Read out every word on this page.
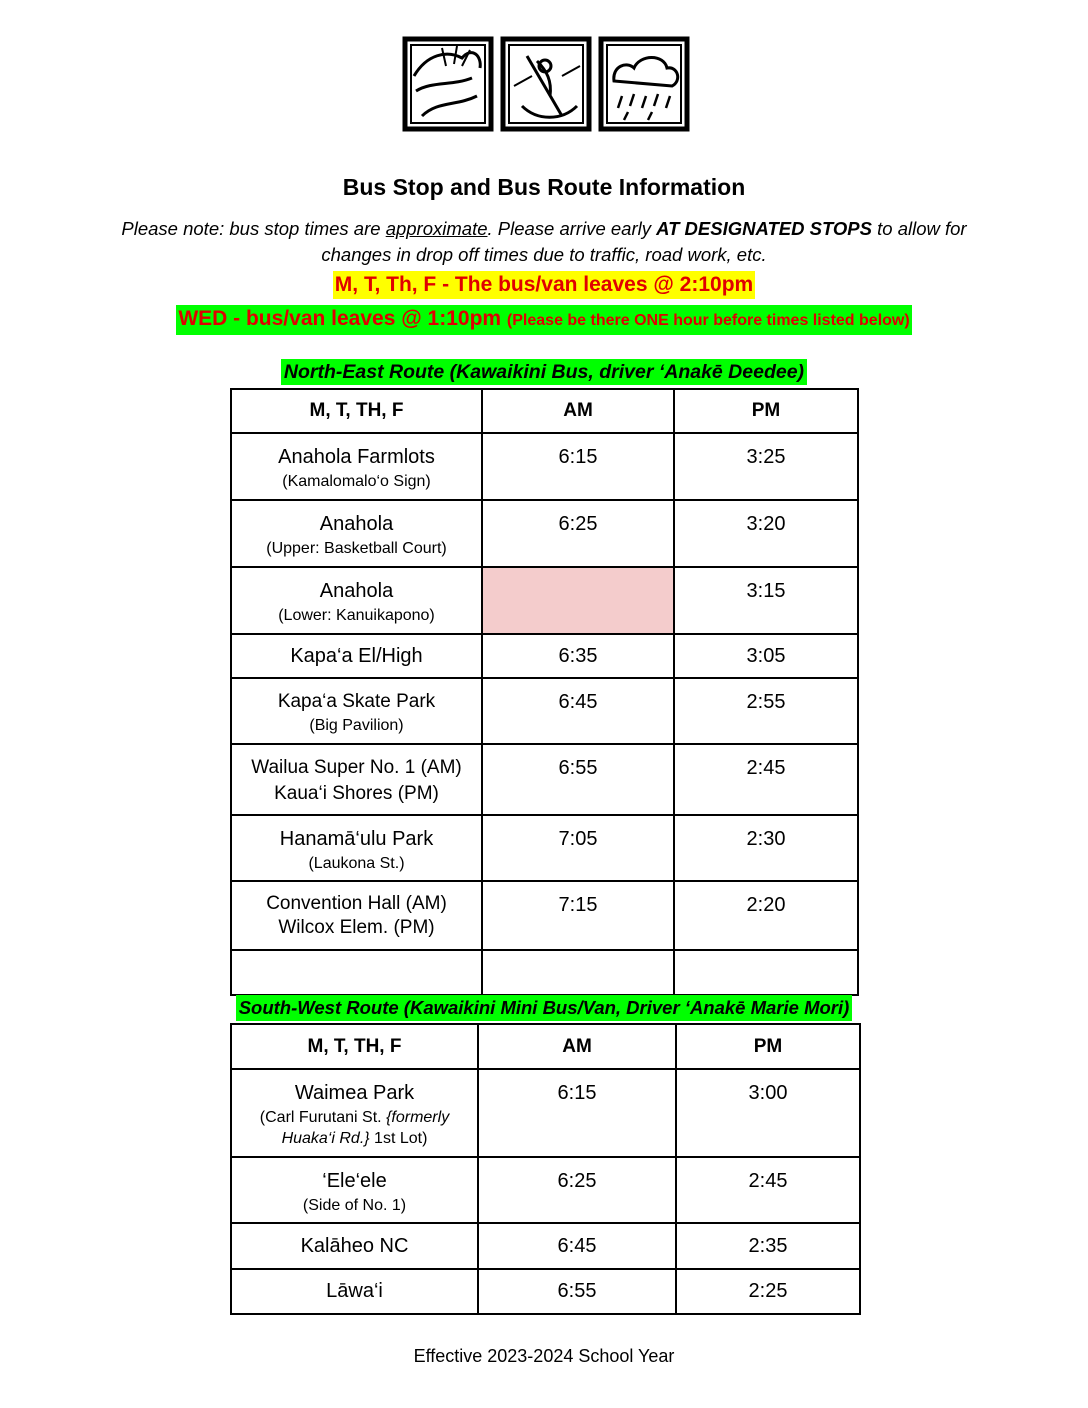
Bus Stop and Bus Route Information
Please note: bus stop times are approximate. Please arrive early AT DESIGNATED STOPS to allow for changes in drop off times due to traffic, road work, etc.
M, T, Th, F - The bus/van leaves @ 2:10pm
WED - bus/van leaves @ 1:10pm (Please be there ONE hour before times listed below)
North-East Route (Kawaikini Bus, driver ‘Anakē Deedee)
M, T, TH, F	AM	PM

Anahola Farmlots
(Kamalomalo‘o Sign)	6:15	3:25

Anahola
(Upper: Basketball Court)	6:25	3:20

Anahola
(Lower: Kanuikapono)		3:15

Kapa‘a El/High	6:35	3:05

Kapa‘a Skate Park
(Big Pavilion)	6:45	2:55

Wailua Super No. 1 (AM)
Kaua‘i Shores (PM)	6:55	2:45

Hanamā‘ulu Park
(Laukona St.)	7:05	2:30

Convention Hall (AM)
Wilcox Elem. (PM)	7:15	2:20

South-West Route (Kawaikini Mini Bus/Van, Driver ‘Anakē Marie Mori)
M, T, TH, F	AM	PM

Waimea Park
(Carl Furutani St. {formerly
Huaka‘i Rd.} 1st Lot)	6:15	3:00

‘Ele‘ele
(Side of No. 1)	6:25	2:45

Kalāheo NC	6:45	2:35
Lāwa‘i	6:55	2:25
Effective 2023-2024 School Year
